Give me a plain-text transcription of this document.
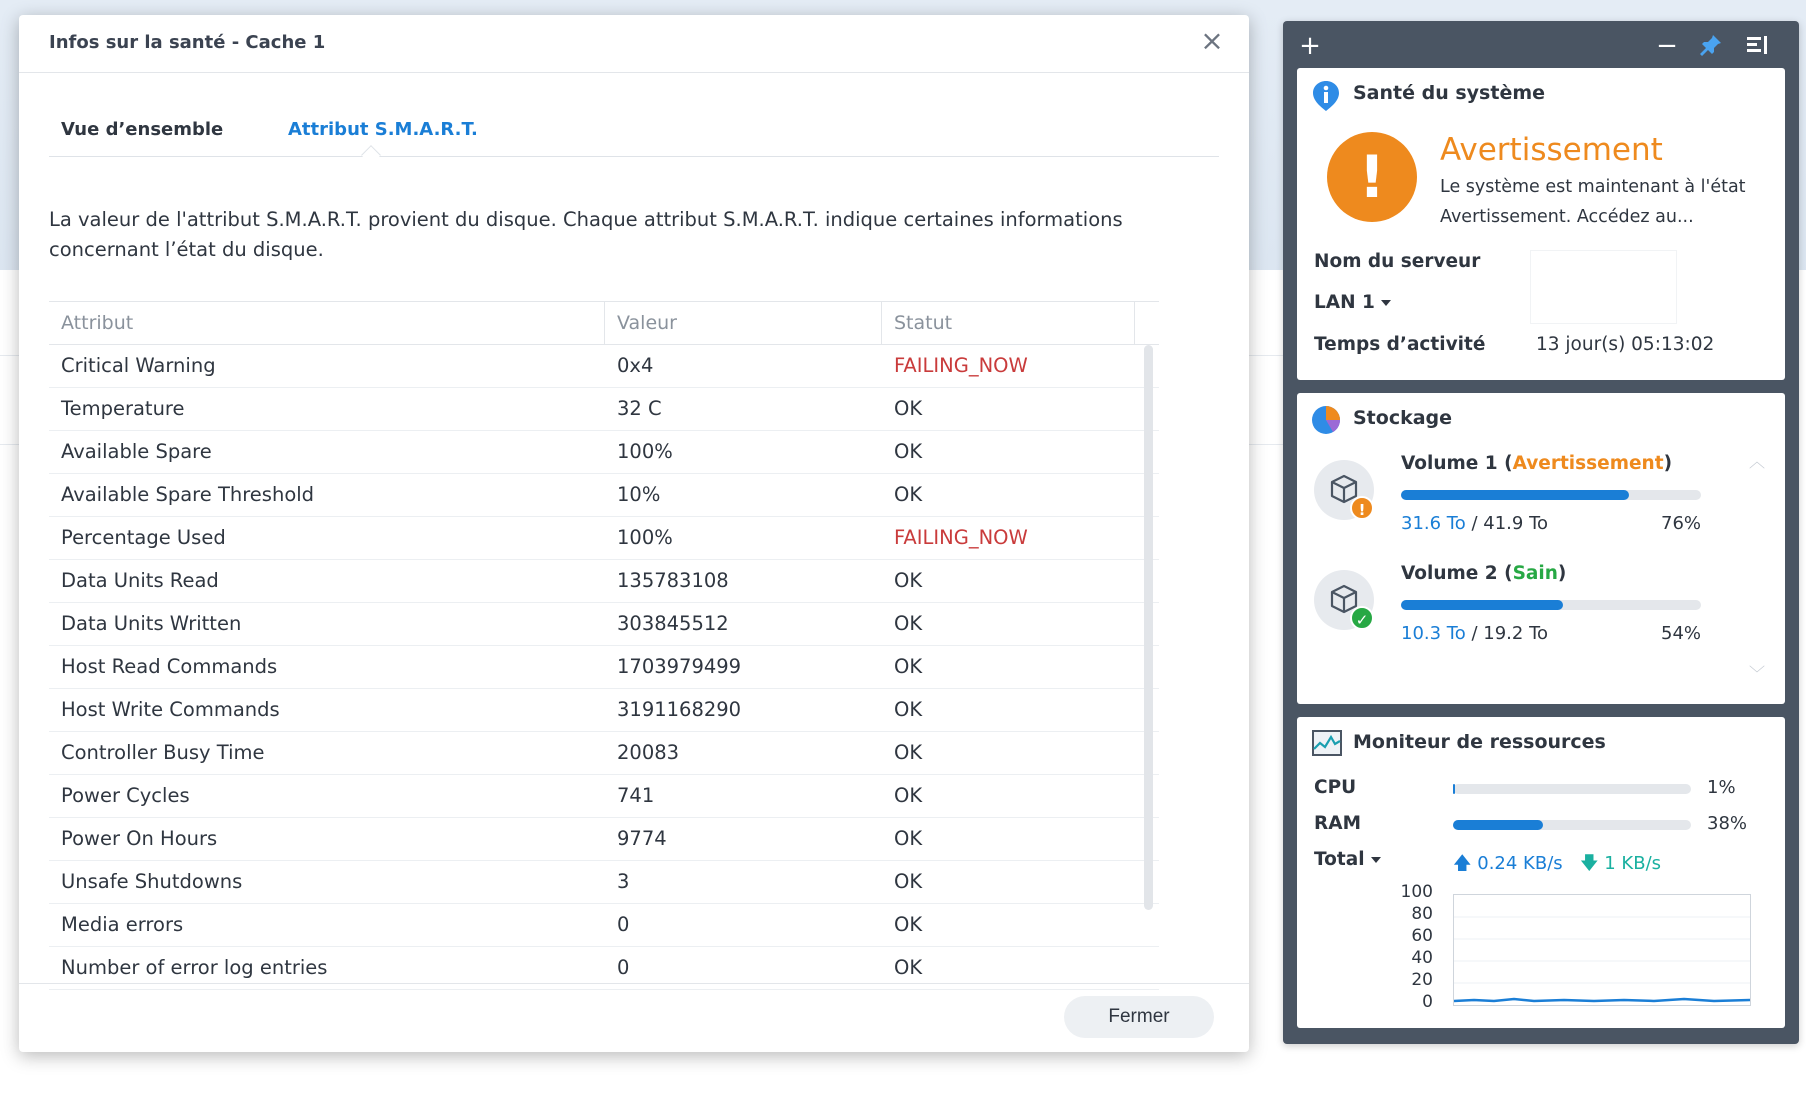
Infos sur la santé - Cache 1	×
Vue d’ensemble	Attribut S.M.A.R.T.
La valeur de l'attribut S.M.A.R.T. provient du disque. Chaque attribut S.M.A.R.T. indique certaines informations concernant l’état du disque.
Attribut	Valeur	Statut
Critical Warning	0x4	FAILING_NOW
Temperature	32 C	OK
Available Spare	100%	OK
Available Spare Threshold	10%	OK
Percentage Used	100%	FAILING_NOW
Data Units Read	135783108	OK
Data Units Written	303845512	OK
Host Read Commands	1703979499	OK
Host Write Commands	3191168290	OK
Controller Busy Time	20083	OK
Power Cycles	741	OK
Power On Hours	9774	OK
Unsafe Shutdowns	3	OK
Media errors	0	OK
Number of error log entries	0	OK
Fermer
+	−
Santé du système
!	Avertissement
Le système est maintenant à l'état Avertissement. Accédez au...
Nom du serveur
LAN 1
Temps d’activité	13 jour(s) 05:13:02
Stockage
!
Volume 1 (Avertissement)
31.6 To / 41.9 To	76%
✓
Volume 2 (Sain)
10.3 To / 19.2 To	54%
︿
﹀
Moniteur de ressources
CPU	1%
RAM	38%
Total	🡅 0.24 KB/s 🡇 1 KB/s
100
80
60
40
20
0
